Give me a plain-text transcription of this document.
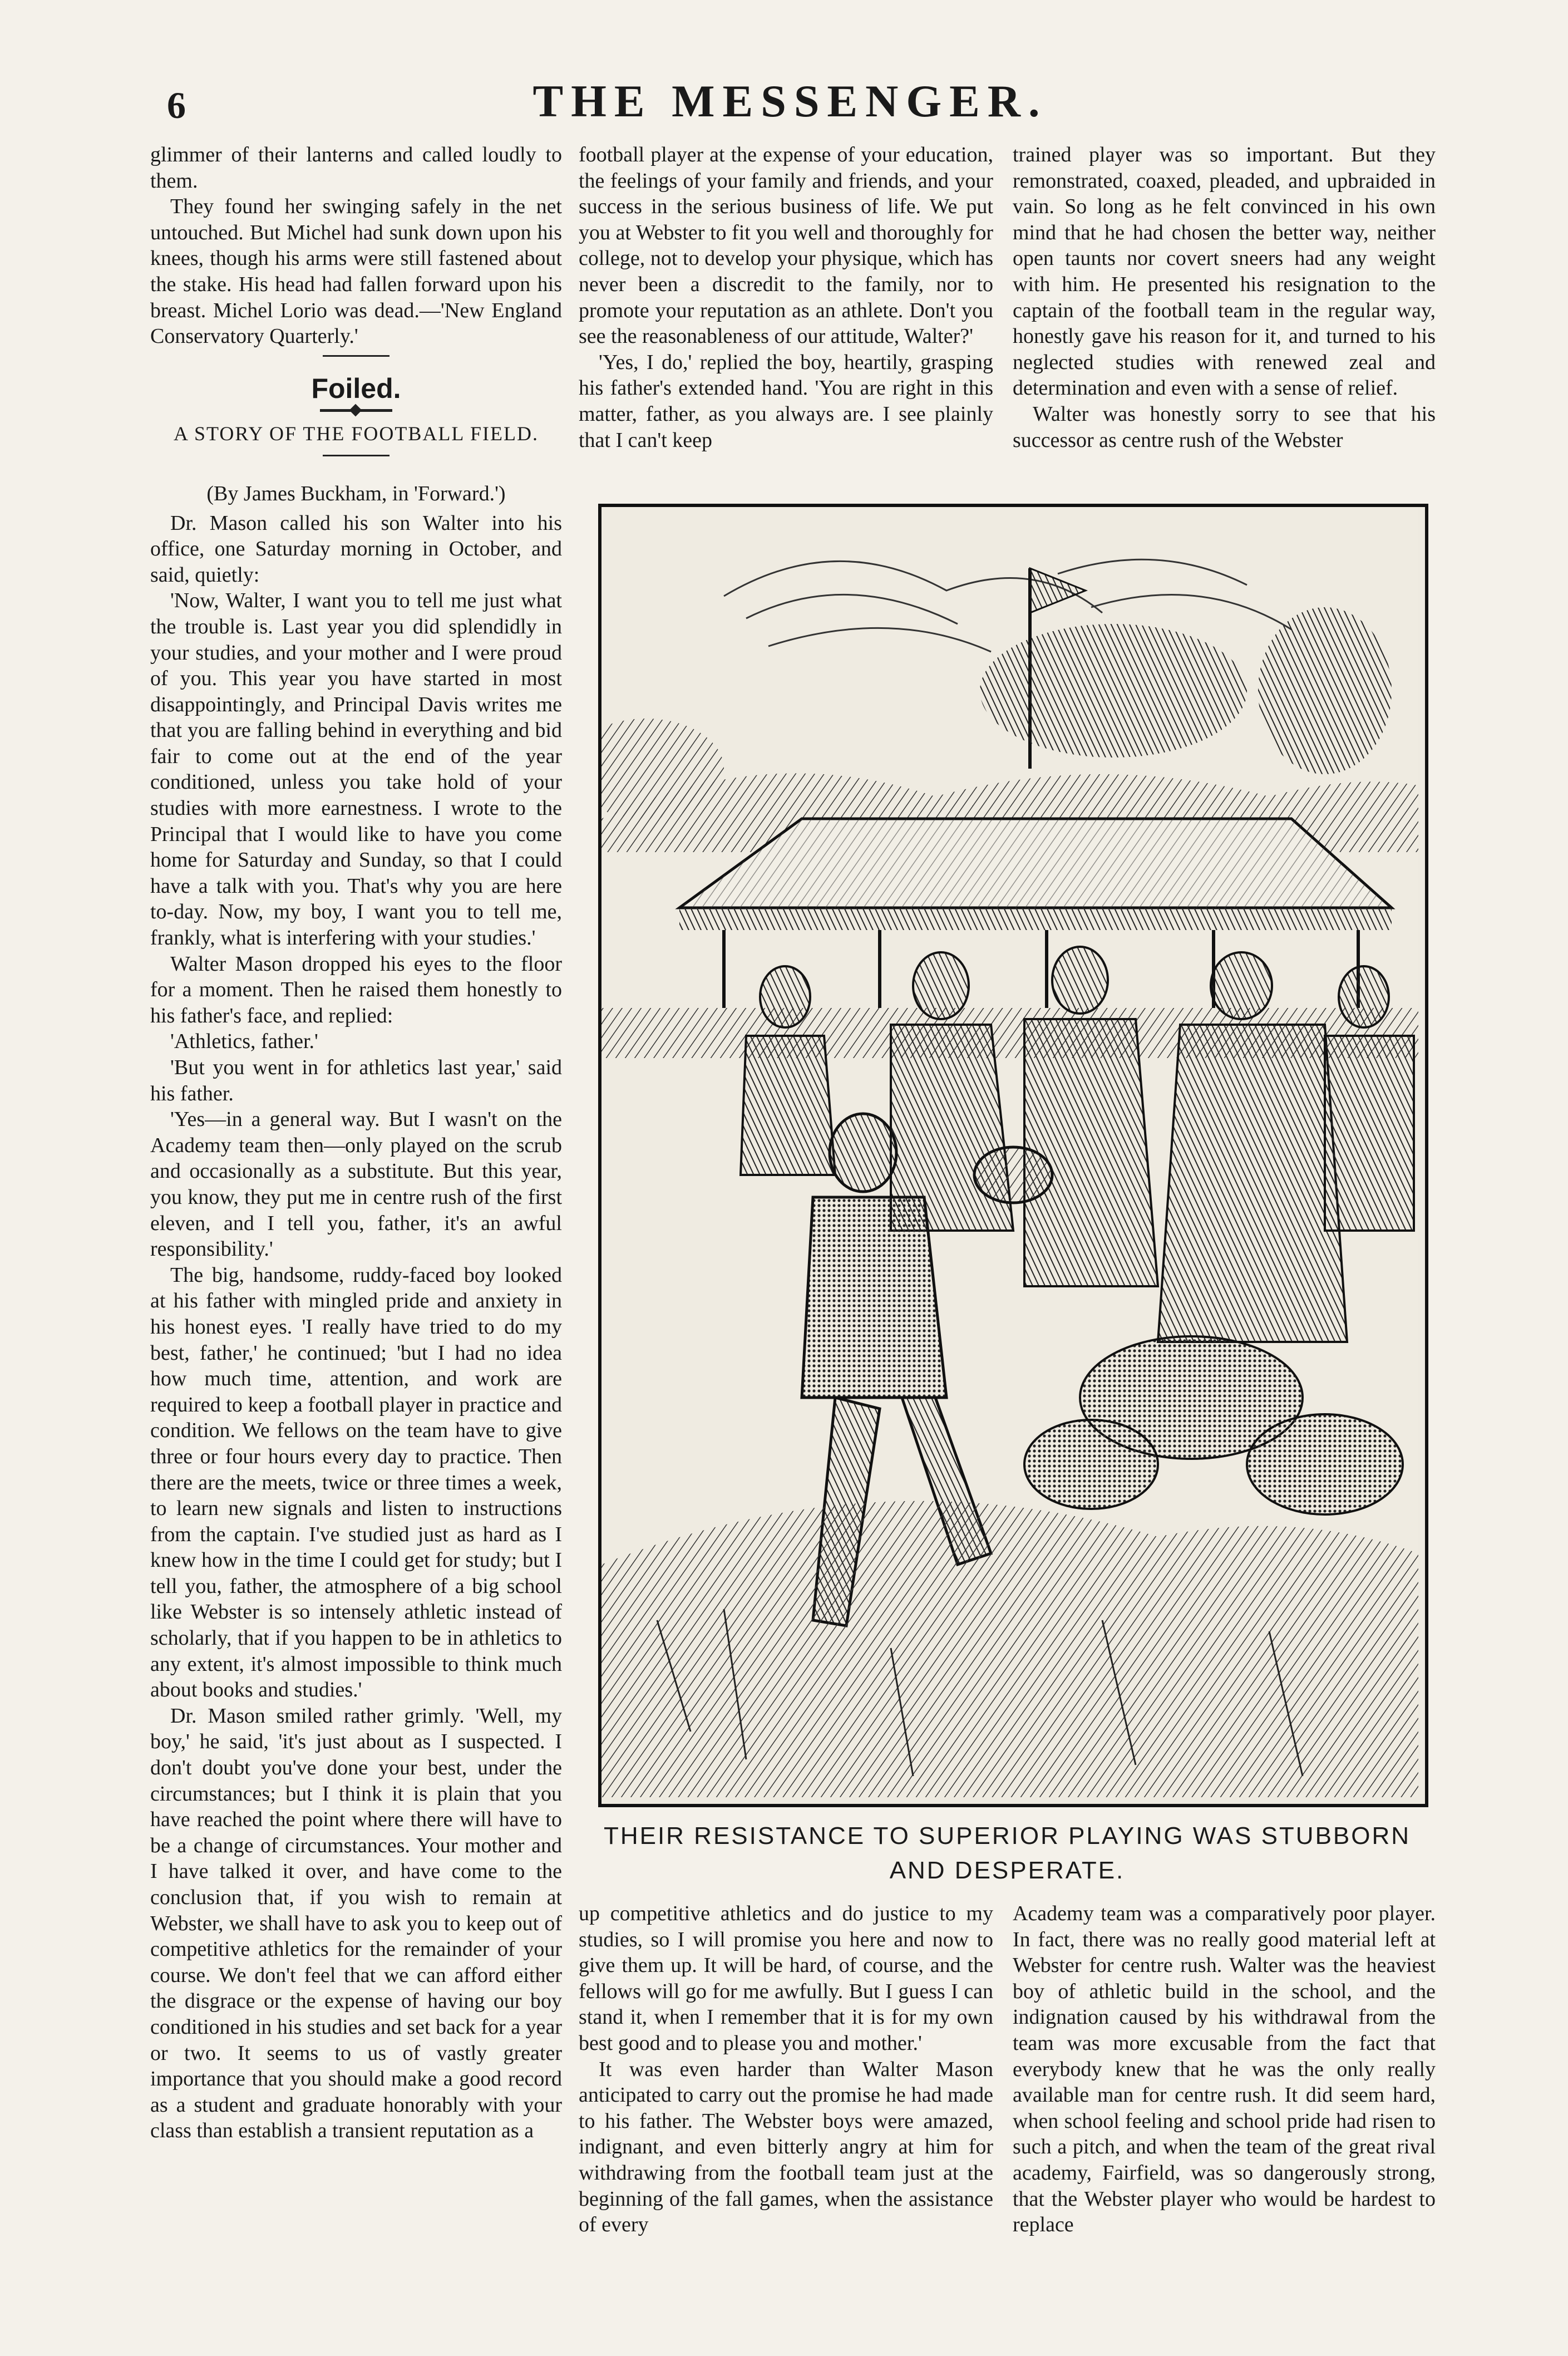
6	THE MESSENGER.

glimmer of their lanterns and called loudly to them.

They found her swinging safely in the net untouched. But Michel had sunk down upon his knees, though his arms were still fastened about the stake. His head had fallen forward upon his breast. Michel Lorio was dead.—'New England Conservatory Quarterly.'

Foiled.

A STORY OF THE FOOTBALL FIELD.

(By James Buckham, in 'Forward.')

Dr. Mason called his son Walter into his office, one Saturday morning in October, and said, quietly:

'Now, Walter, I want you to tell me just what the trouble is. Last year you did splendidly in your studies, and your mother and I were proud of you. This year you have started in most disappointingly, and Principal Davis writes me that you are falling behind in everything and bid fair to come out at the end of the year conditioned, unless you take hold of your studies with more earnestness. I wrote to the Principal that I would like to have you come home for Saturday and Sunday, so that I could have a talk with you. That's why you are here to-day. Now, my boy, I want you to tell me, frankly, what is interfering with your studies.'

Walter Mason dropped his eyes to the floor for a moment. Then he raised them honestly to his father's face, and replied:

'Athletics, father.'

'But you went in for athletics last year,' said his father.

'Yes—in a general way. But I wasn't on the Academy team then—only played on the scrub and occasionally as a substitute. But this year, you know, they put me in centre rush of the first eleven, and I tell you, father, it's an awful responsibility.'

The big, handsome, ruddy-faced boy looked at his father with mingled pride and anxiety in his honest eyes. 'I really have tried to do my best, father,' he continued; 'but I had no idea how much time, attention, and work are required to keep a football player in practice and condition. We fellows on the team have to give three or four hours every day to practice. Then there are the meets, twice or three times a week, to learn new signals and listen to instructions from the captain. I've studied just as hard as I knew how in the time I could get for study; but I tell you, father, the atmosphere of a big school like Webster is so intensely athletic instead of scholarly, that if you happen to be in athletics to any extent, it's almost impossible to think much about books and studies.'

Dr. Mason smiled rather grimly. 'Well, my boy,' he said, 'it's just about as I suspected. I don't doubt you've done your best, under the circumstances; but I think it is plain that you have reached the point where there will have to be a change of circumstances. Your mother and I have talked it over, and have come to the conclusion that, if you wish to remain at Webster, we shall have to ask you to keep out of competitive athletics for the remainder of your course. We don't feel that we can afford either the disgrace or the expense of having our boy conditioned in his studies and set back for a year or two. It seems to us of vastly greater importance that you should make a good record as a student and graduate honorably with your class than establish a transient reputation as a

football player at the expense of your education, the feelings of your family and friends, and your success in the serious business of life. We put you at Webster to fit you well and thoroughly for college, not to develop your physique, which has never been a discredit to the family, nor to promote your reputation as an athlete. Don't you see the reasonableness of our attitude, Walter?'

'Yes, I do,' replied the boy, heartily, grasping his father's extended hand. 'You are right in this matter, father, as you always are. I see plainly that I can't keep

trained player was so important. But they remonstrated, coaxed, pleaded, and upbraided in vain. So long as he felt convinced in his own mind that he had chosen the better way, neither open taunts nor covert sneers had any weight with him. He presented his resignation to the captain of the football team in the regular way, honestly gave his reason for it, and turned to his neglected studies with renewed zeal and determination and even with a sense of relief.

Walter was honestly sorry to see that his successor as centre rush of the Webster

THEIR RESISTANCE TO SUPERIOR PLAYING WAS STUBBORN AND DESPERATE.

up competitive athletics and do justice to my studies, so I will promise you here and now to give them up. It will be hard, of course, and the fellows will go for me awfully. But I guess I can stand it, when I remember that it is for my own best good and to please you and mother.'

It was even harder than Walter Mason anticipated to carry out the promise he had made to his father. The Webster boys were amazed, indignant, and even bitterly angry at him for withdrawing from the football team just at the beginning of the fall games, when the assistance of every

Academy team was a comparatively poor player. In fact, there was no really good material left at Webster for centre rush. Walter was the heaviest boy of athletic build in the school, and the indignation caused by his withdrawal from the team was more excusable from the fact that everybody knew that he was the only really available man for centre rush. It did seem hard, when school feeling and school pride had risen to such a pitch, and when the team of the great rival academy, Fairfield, was so dangerously strong, that the Webster player who would be hardest to replace
